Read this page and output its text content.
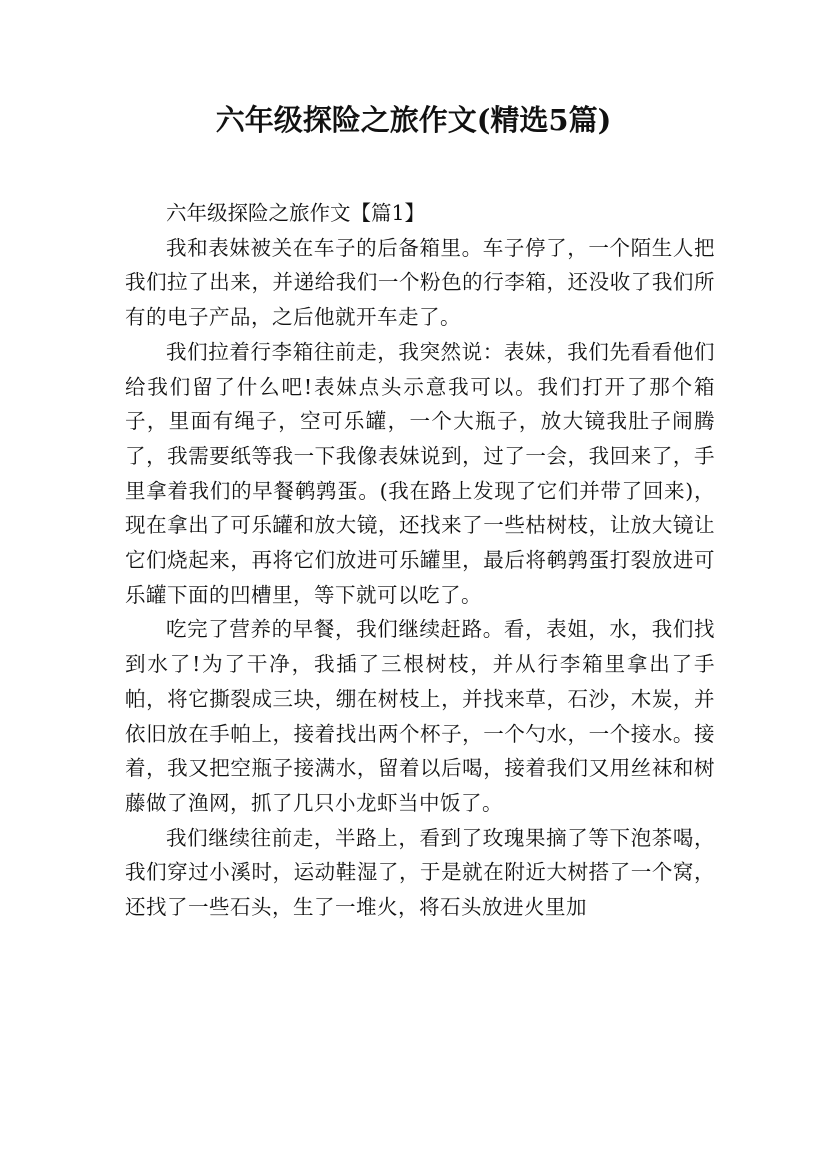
六年级探险之旅作文(精选5篇)

六年级探险之旅作文【篇1】

我和表妹被关在车子的后备箱里。车子停了，一个陌生人把我们拉了出来，并递给我们一个粉色的行李箱，还没收了我们所有的电子产品，之后他就开车走了。

我们拉着行李箱往前走，我突然说：表妹，我们先看看他们给我们留了什么吧!表妹点头示意我可以。我们打开了那个箱子，里面有绳子，空可乐罐，一个大瓶子，放大镜我肚子闹腾了，我需要纸等我一下我像表妹说到，过了一会，我回来了，手里拿着我们的早餐鹌鹑蛋。(我在路上发现了它们并带了回来)，现在拿出了可乐罐和放大镜，还找来了一些枯树枝，让放大镜让它们烧起来，再将它们放进可乐罐里，最后将鹌鹑蛋打裂放进可乐罐下面的凹槽里，等下就可以吃了。

吃完了营养的早餐，我们继续赶路。看，表姐，水，我们找到水了!为了干净，我插了三根树枝，并从行李箱里拿出了手帕，将它撕裂成三块，绷在树枝上，并找来草，石沙，木炭，并依旧放在手帕上，接着找出两个杯子，一个勺水，一个接水。接着，我又把空瓶子接满水，留着以后喝，接着我们又用丝袜和树藤做了渔网，抓了几只小龙虾当中饭了。

我们继续往前走，半路上，看到了玫瑰果摘了等下泡茶喝，我们穿过小溪时，运动鞋湿了，于是就在附近大树搭了一个窝，还找了一些石头，生了一堆火，将石头放进火里加
